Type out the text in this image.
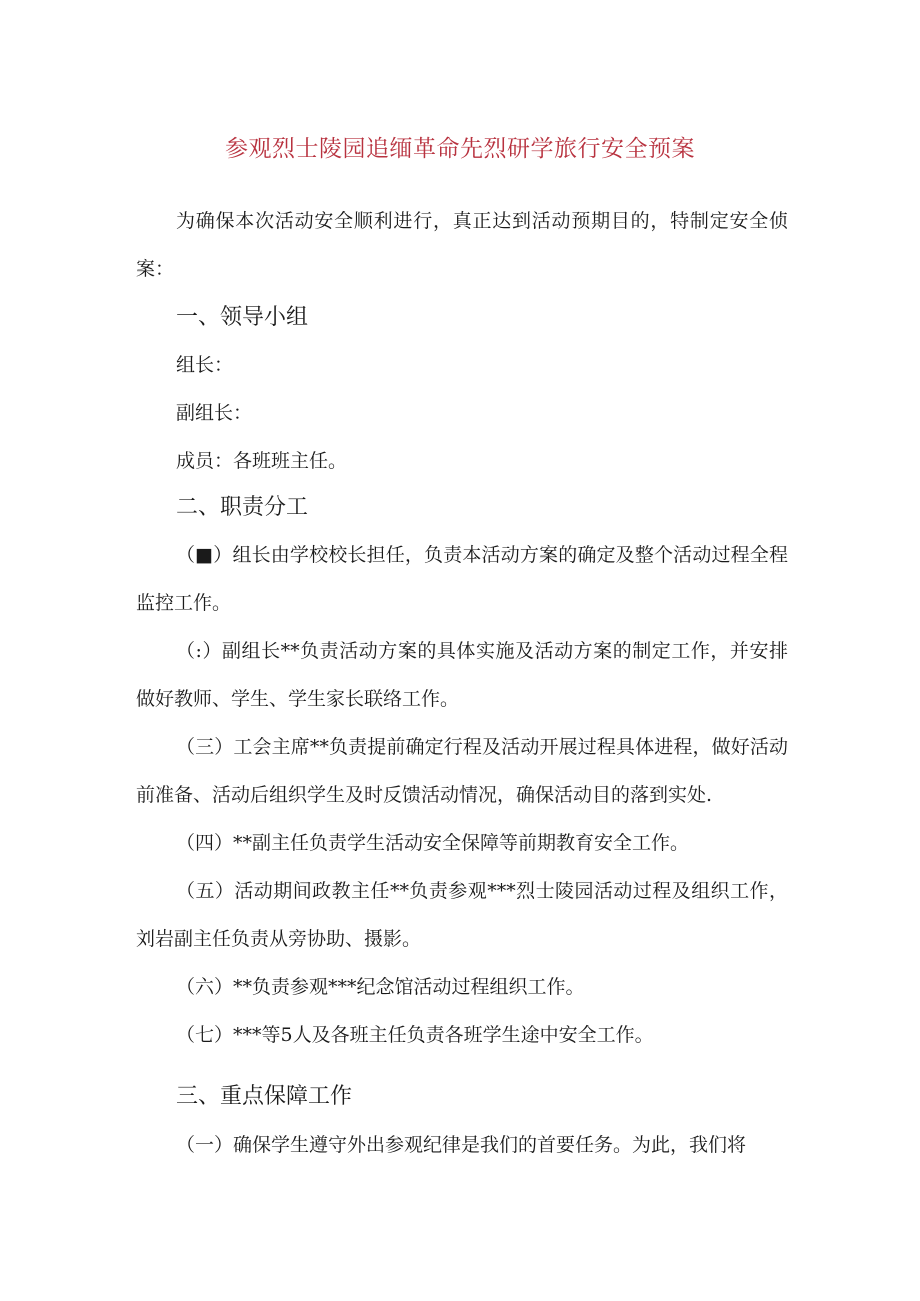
参观烈士陵园追缅革命先烈研学旅行安全预案

为确保本次活动安全顺利进行，真正达到活动预期目的，特制定安全侦案：

一、领导小组
组长：
副组长：
成员：各班班主任。
二、职责分工

（■）组长由学校校长担任，负责本活动方案的确定及整个活动过程全程监控工作。

（:）副组长**负责活动方案的具体实施及活动方案的制定工作，并安排做好教师、学生、学生家长联络工作。

（三）工会主席**负责提前确定行程及活动开展过程具体进程，做好活动前准备、活动后组织学生及时反馈活动情况，确保活动目的落到实处.

（四）**副主任负责学生活动安全保障等前期教育安全工作。

（五）活动期间政教主任**负责参观***烈士陵园活动过程及组织工作，刘岩副主任负责从旁协助、摄影。

（六）**负责参观***纪念馆活动过程组织工作。

（七）***等5人及各班主任负责各班学生途中安全工作。

三、重点保障工作

（一）确保学生遵守外出参观纪律是我们的首要任务。为此，我们将
